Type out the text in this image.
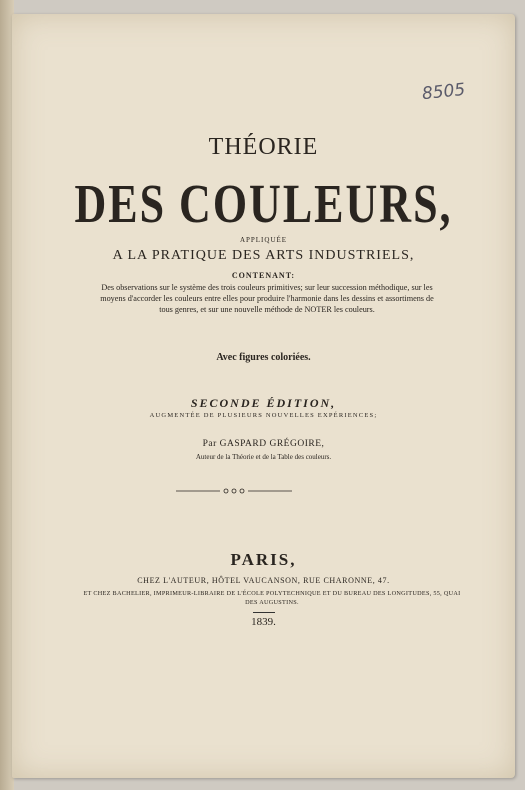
8505

THÉORIE

DES COULEURS,

APPLIQUÉE

A LA PRATIQUE DES ARTS INDUSTRIELS,

CONTENANT:

Des observations sur le système des trois couleurs primitives; sur leur succession méthodique, sur les moyens d'accorder les couleurs entre elles pour produire l'harmonie dans les dessins et assortimens de tous genres, et sur une nouvelle méthode de NOTER les couleurs.

Avec figures coloriées.

SECONDE ÉDITION,

AUGMENTÉE DE PLUSIEURS NOUVELLES EXPÉRIENCES;

Par GASPARD GRÉGOIRE,

Auteur de la Théorie et de la Table des couleurs.

PARIS,

CHEZ L'AUTEUR, HÔTEL VAUCANSON, RUE CHARONNE, 47.

ET CHEZ BACHELIER, IMPRIMEUR-LIBRAIRE DE L'ÉCOLE POLYTECHNIQUE ET DU BUREAU DES LONGITUDES, 55, QUAI DES AUGUSTINS.

1839.
